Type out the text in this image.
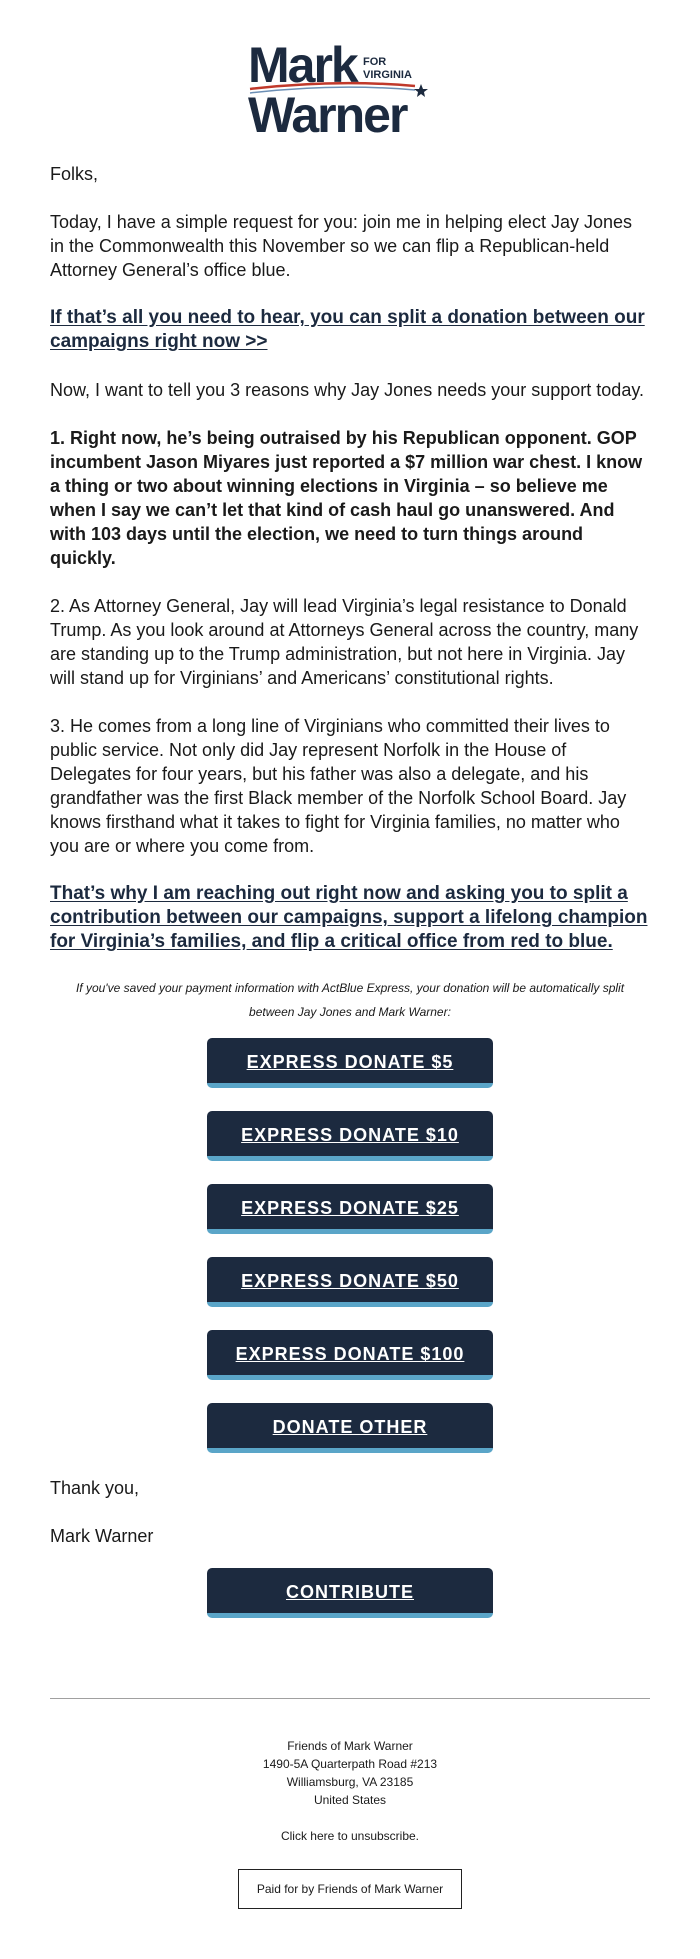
Mark FOR
VIRGINIA
Warner

Folks,

Today, I have a simple request for you: join me in helping elect Jay Jones in the Commonwealth this November so we can flip a Republican-held Attorney General’s office blue.

If that’s all you need to hear, you can split a donation between our campaigns right now >>

Now, I want to tell you 3 reasons why Jay Jones needs your support today.

1. Right now, he’s being outraised by his Republican opponent. GOP incumbent Jason Miyares just reported a $7 million war chest. I know a thing or two about winning elections in Virginia – so believe me when I say we can’t let that kind of cash haul go unanswered. And with 103 days until the election, we need to turn things around quickly.

2. As Attorney General, Jay will lead Virginia’s legal resistance to Donald Trump. As you look around at Attorneys General across the country, many are standing up to the Trump administration, but not here in Virginia. Jay will stand up for Virginians’ and Americans’ constitutional rights.

3. He comes from a long line of Virginians who committed their lives to public service. Not only did Jay represent Norfolk in the House of Delegates for four years, but his father was also a delegate, and his grandfather was the first Black member of the Norfolk School Board. Jay knows firsthand what it takes to fight for Virginia families, no matter who you are or where you come from.

That’s why I am reaching out right now and asking you to split a contribution between our campaigns, support a lifelong champion for Virginia’s families, and flip a critical office from red to blue.

If you've saved your payment information with ActBlue Express, your donation will be automatically split between Jay Jones and Mark Warner:

EXPRESS DONATE $5
EXPRESS DONATE $10
EXPRESS DONATE $25
EXPRESS DONATE $50
EXPRESS DONATE $100
DONATE OTHER

Thank you,

Mark Warner

CONTRIBUTE
Friends of Mark Warner
1490-5A Quarterpath Road #213
Williamsburg, VA 23185
United States
Click here to unsubscribe.
Paid for by Friends of Mark Warner
